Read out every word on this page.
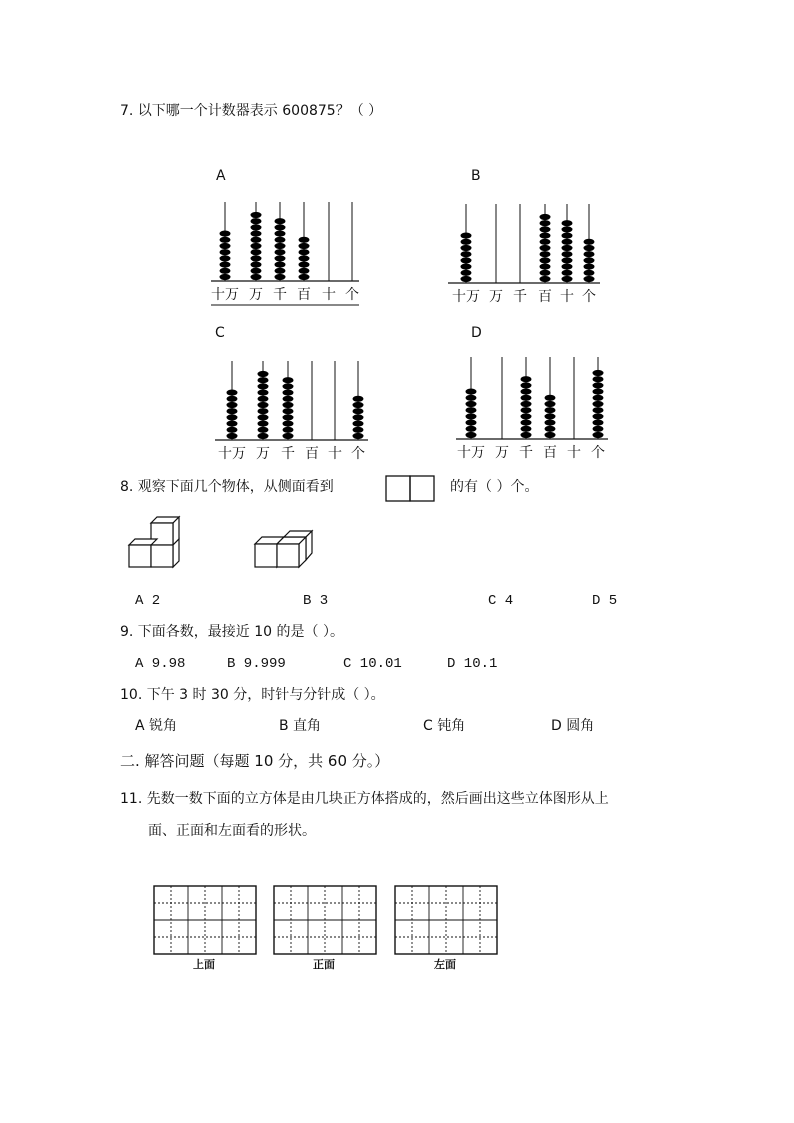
7. 以下哪一个计数器表示 600875？（ ）
A
十万 万 千 百 十 个
B
十万 万 千 百 十 个
C
十万 万 千 百 十 个
D
十万 万 千 百 十 个
8. 观察下面几个物体，从侧面看到	的有（ ）个。
A 2	B 3	C 4	D 5
9. 下面各数，最接近 10 的是（ ）。
A 9.98	B 9.999	C 10.01	D 10.1
10. 下午 3 时 30 分，时针与分针成（ ）。
A 锐角	B 直角	C 钝角	D 圆角
二. 解答问题（每题 10 分，共 60 分。）
11. 先数一数下面的立方体是由几块正方体搭成的，然后画出这些立体图形从上
面、正面和左面看的形状。
上面	正面	左面
